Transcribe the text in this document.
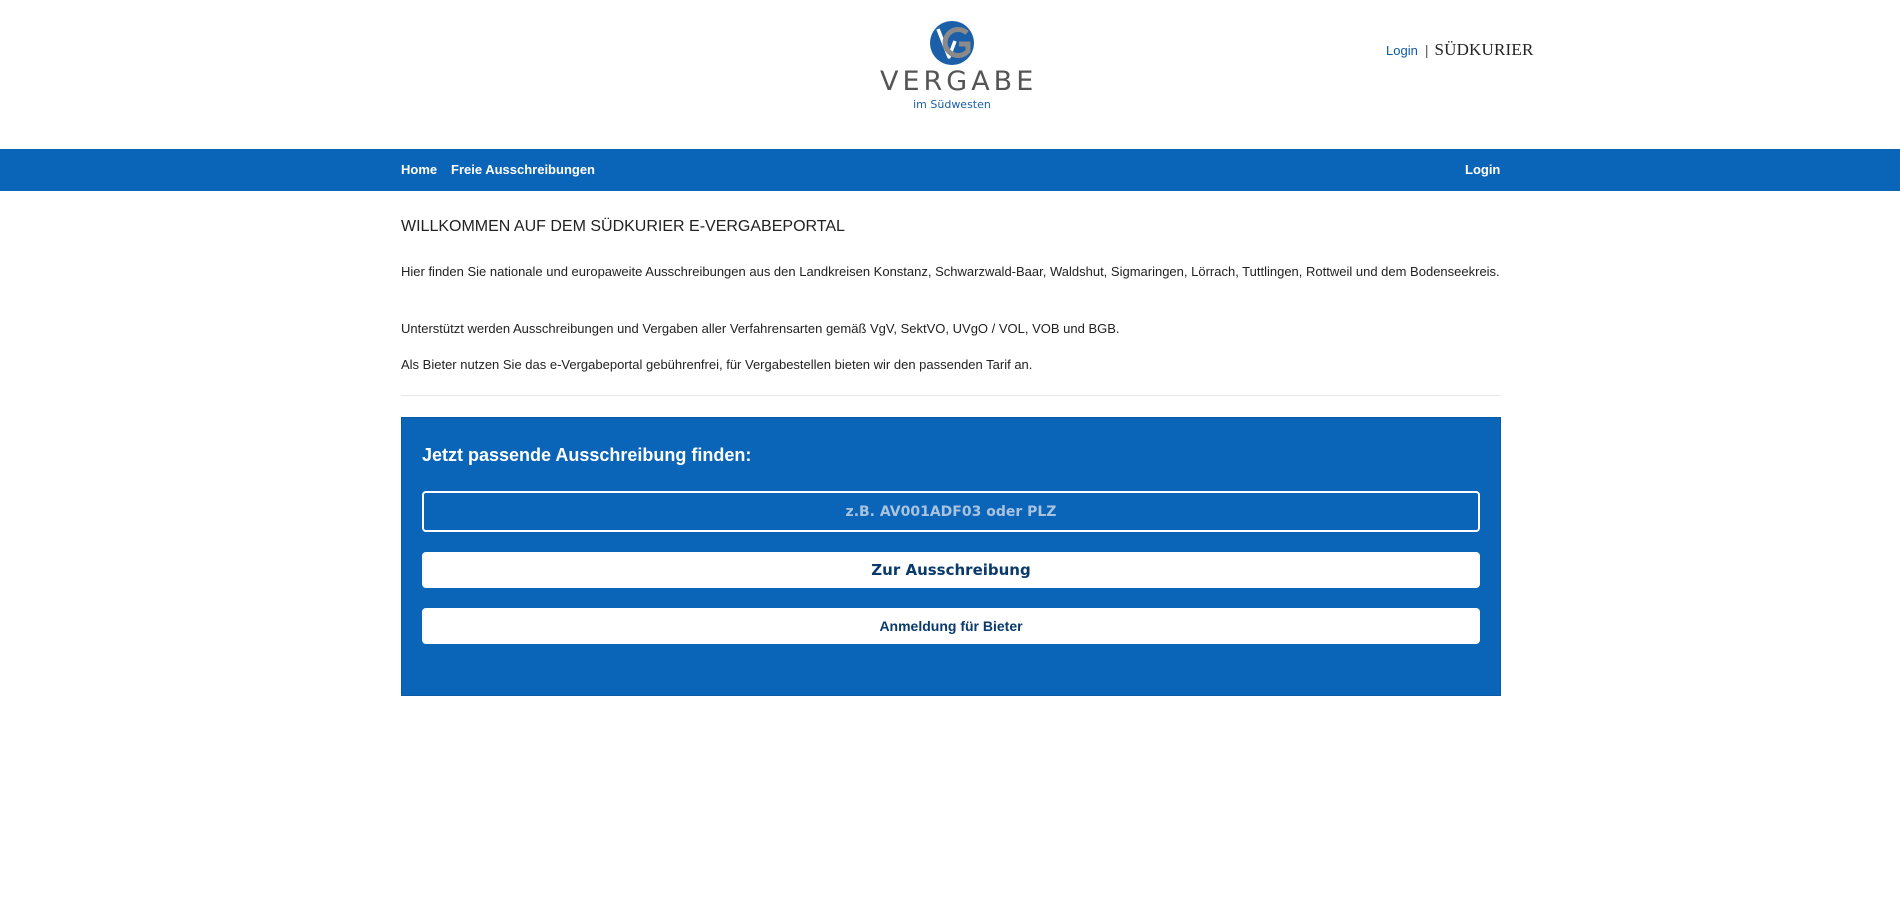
VERGABE
im Südwesten
Login | SÜDKURIER
Home Freie Ausschreibungen	Login
WILLKOMMEN AUF DEM SÜDKURIER E-VERGABEPORTAL

Hier finden Sie nationale und europaweite Ausschreibungen aus den Landkreisen Konstanz, Schwarzwald-Baar, Waldshut, Sigmaringen, Lörrach, Tuttlingen, Rottweil und dem Bodenseekreis.

Unterstützt werden Ausschreibungen und Vergaben aller Verfahrensarten gemäß VgV, SektVO, UVgO / VOL, VOB und BGB.

Als Bieter nutzen Sie das e-Vergabeportal gebührenfrei, für Vergabestellen bieten wir den passenden Tarif an.

Jetzt passende Ausschreibung finden:
z.B. AV001ADF03 oder PLZ
Zur Ausschreibung
Anmeldung für Bieter
